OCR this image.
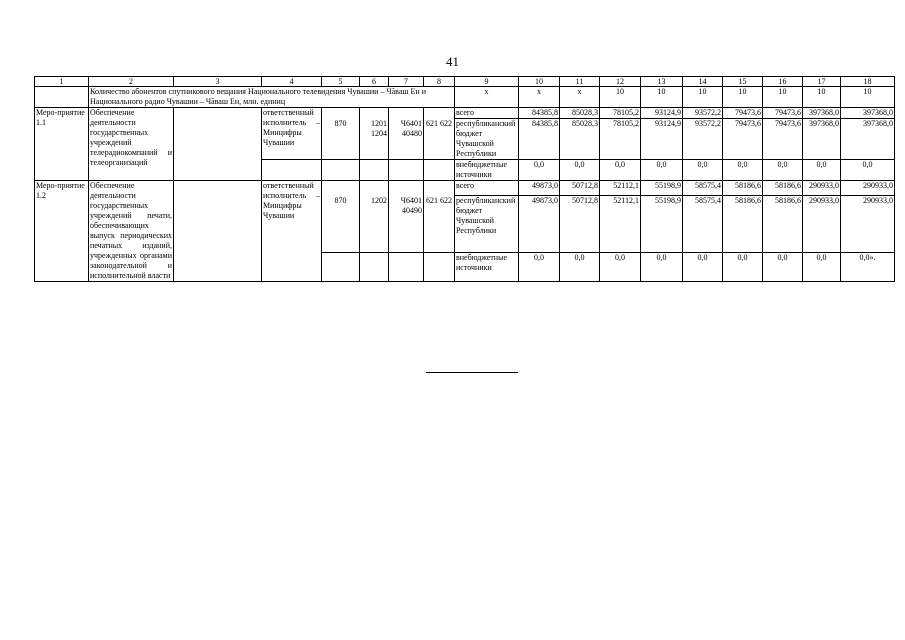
41
1	2	3	4	5	6	7	8	9	10	11	12	13	14	15	16	17	18
	Количество абонентов спутникового вещания Национального телевидения Чувашии – Чăваш Ен и Национального радио Чувашии – Чăваш Ен, млн. единиц							х	х	х	10	10	10	10	10	10	10
Меро-приятие 1.1	Обеспечение деятельности государственных учреждений телерадиокомпаний и телеорганизаций		ответственный исполнитель – Минцифры Чувашии					всего	84385,8	85028,3	78105,2	93124,9	93572,2	79473,6	79473,6	397368,0	397368,0
				870	1201 1204	Ч6401 40480	621 622	республиканский бюджет Чувашской Республики	84385,8	85028,3	78105,2	93124,9	93572,2	79473,6	79473,6	397368,0	397368,0
								внебюджетные источники	0,0	0,0	0,0	0,0	0,0	0,0	0,0	0,0	0,0
Меро-приятие 1.2	Обеспечение деятельности государственных учреждений печати, обеспечивающих выпуск периодических печатных изданий, учрежденных органами законодательной и исполнительной власти		ответственный исполнитель – Минцифры Чувашии					всего	49873,0	50712,8	52112,1	55198,9	58575,4	58186,6	58186,6	290933,0	290933,0
				870	1202	Ч6401 40490	621 622	республиканский бюджет Чувашской Республики	49873,0	50712,8	52112,1	55198,9	58575,4	58186,6	58186,6	290933,0	290933,0
								внебюджетные источники	0,0	0,0	0,0	0,0	0,0	0,0	0,0	0,0	0,0».
